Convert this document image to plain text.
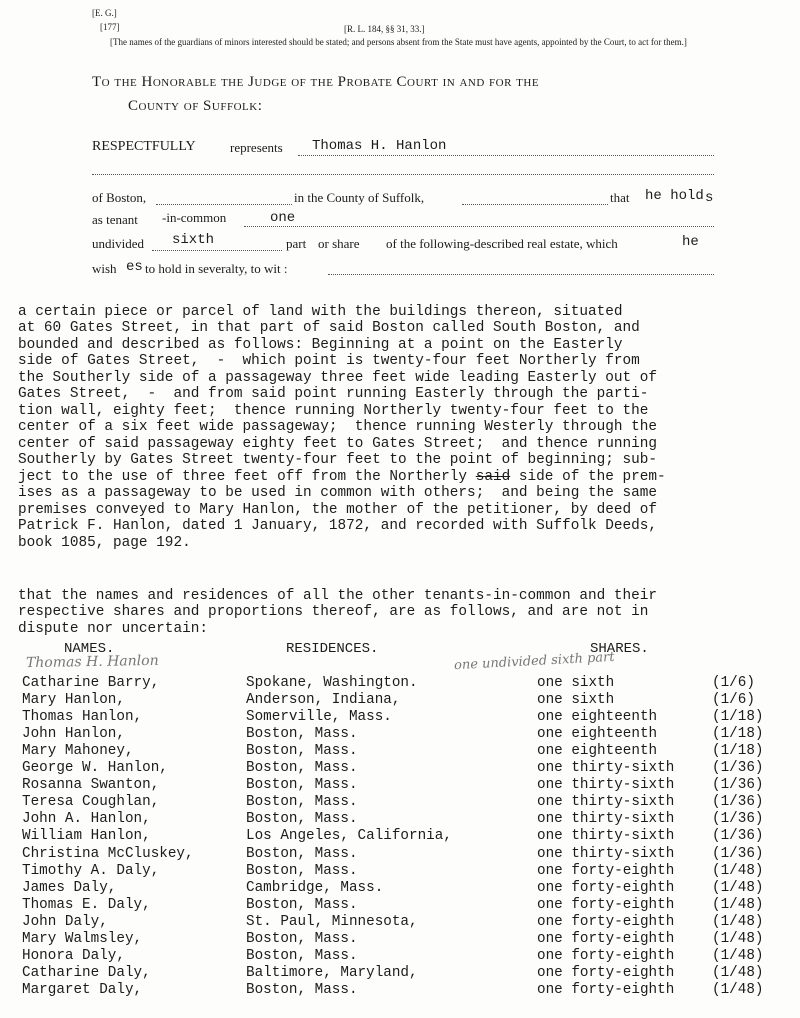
[E. G.]
[177]	[R. L. 184, §§ 31, 33.]
[The names of the guardians of minors interested should be stated; and persons absent from the State must have agents, appointed by the Court, to act for them.]
To the Honorable the Judge of the Probate Court in and for the
County of Suffolk:
RESPECTFULLY	represents Thomas H. Hanlon
of Boston,	in the County of Suffolk,	that he hold s
as tenant -in-common	one
undivided sixth	part or share of the following-described real estate, which	he
wish es to hold in severalty, to wit :

a certain piece or parcel of land with the buildings thereon, situated
at 60 Gates Street, in that part of said Boston called South Boston, and
bounded and described as follows: Beginning at a point on the Easterly
side of Gates Street,  -  which point is twenty-four feet Northerly from
the Southerly side of a passageway three feet wide leading Easterly out of
Gates Street,  -  and from said point running Easterly through the parti-
tion wall, eighty feet;  thence running Northerly twenty-four feet to the
center of a six feet wide passageway;  thence running Westerly through the
center of said passageway eighty feet to Gates Street;  and thence running
Southerly by Gates Street twenty-four feet to the point of beginning; sub-
ject to the use of three feet off from the Northerly said side of the prem-
ises as a passageway to be used in common with others;  and being the same
premises conveyed to Mary Hanlon, the mother of the petitioner, by deed of
Patrick F. Hanlon, dated 1 January, 1872, and recorded with Suffolk Deeds,
book 1085, page 192.

that the names and residences of all the other tenants-in-common and their
respective shares and proportions thereof, are as follows, and are not in
dispute nor uncertain:

NAMES.	RESIDENCES.	SHARES.
Thomas H. Hanlon	one undivided sixth part
Catharine Barry,	Spokane, Washington.	one sixth	(1/6)
Mary Hanlon,	Anderson, Indiana,	one sixth	(1/6)
Thomas Hanlon,	Somerville, Mass.	one eighteenth	(1/18)
John Hanlon,	Boston, Mass.	one eighteenth	(1/18)
Mary Mahoney,	Boston, Mass.	one eighteenth	(1/18)
George W. Hanlon,	Boston, Mass.	one thirty-sixth	(1/36)
Rosanna Swanton,	Boston, Mass.	one thirty-sixth	(1/36)
Teresa Coughlan,	Boston, Mass.	one thirty-sixth	(1/36)
John A. Hanlon,	Boston, Mass.	one thirty-sixth	(1/36)
William Hanlon,	Los Angeles, California,	one thirty-sixth	(1/36)
Christina McCluskey,	Boston, Mass.	one thirty-sixth	(1/36)
Timothy A. Daly,	Boston, Mass.	one forty-eighth	(1/48)
James Daly,	Cambridge, Mass.	one forty-eighth	(1/48)
Thomas E. Daly,	Boston, Mass.	one forty-eighth	(1/48)
John Daly,	St. Paul, Minnesota,	one forty-eighth	(1/48)
Mary Walmsley,	Boston, Mass.	one forty-eighth	(1/48)
Honora Daly,	Boston, Mass.	one forty-eighth	(1/48)
Catharine Daly,	Baltimore, Maryland,	one forty-eighth	(1/48)
Margaret Daly,	Boston, Mass.	one forty-eighth	(1/48)
